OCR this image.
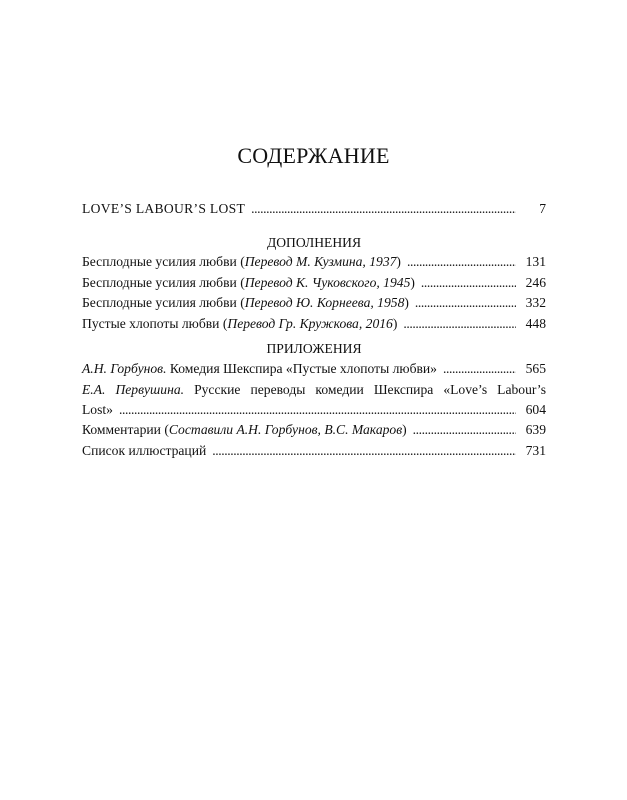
СОДЕРЖАНИЕ
LOVE’S LABOUR’S LOST . . .	7
ДОПОЛНЕНИЯ
Бесплодные усилия любви (Перевод М. Кузмина, 1937) . . .	131
Бесплодные усилия любви (Перевод К. Чуковского, 1945) . . .	246
Бесплодные усилия любви (Перевод Ю. Корнеева, 1958) . . .	332
Пустые хлопоты любви (Перевод Гр. Кружкова, 2016) . . .	448
ПРИЛОЖЕНИЯ
А.Н. Горбунов. Комедия Шекспира «Пустые хлопоты любви» . . .	565
Е.А. Первушина. Русские переводы комедии Шекспира «Love’s Labour’s
Lost» . . .	604
Комментарии (Составили А.Н. Горбунов, В.С. Макаров) . . .	639
Список иллюстраций . . .	731
